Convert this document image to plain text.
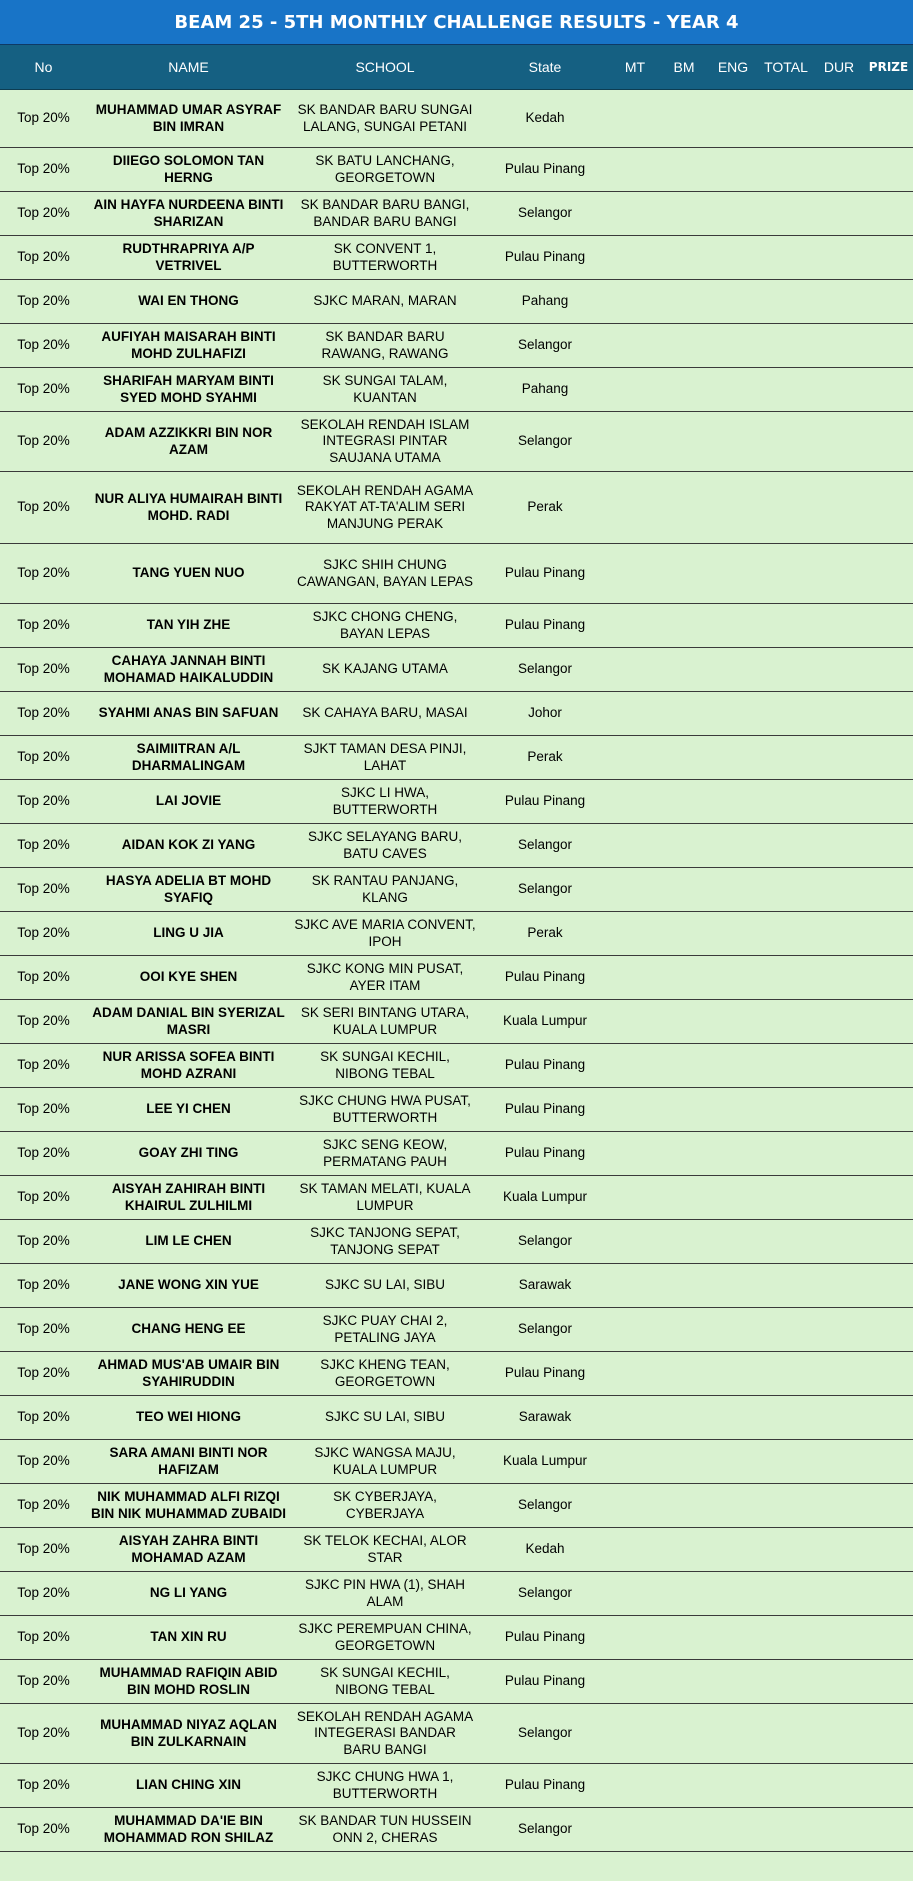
BEAM 25 - 5TH MONTHLY CHALLENGE RESULTS - YEAR 4
No	NAME	SCHOOL	State	MT	BM	ENG	TOTAL	DUR	PRIZE

Top 20%	MUHAMMAD UMAR ASYRAF BIN IMRAN	SK BANDAR BARU SUNGAI LALANG, SUNGAI PETANI	Kedah						

Top 20%	DIIEGO SOLOMON TAN HERNG	SK BATU LANCHANG, GEORGETOWN	Pulau Pinang						

Top 20%	AIN HAYFA NURDEENA BINTI SHARIZAN	SK BANDAR BARU BANGI, BANDAR BARU BANGI	Selangor						

Top 20%	RUDTHRAPRIYA A/P VETRIVEL	SK CONVENT 1, BUTTERWORTH	Pulau Pinang						

Top 20%	WAI EN THONG	SJKC MARAN, MARAN	Pahang						

Top 20%	AUFIYAH MAISARAH BINTI MOHD ZULHAFIZI	SK BANDAR BARU RAWANG, RAWANG	Selangor						

Top 20%	SHARIFAH MARYAM BINTI SYED MOHD SYAHMI	SK SUNGAI TALAM, KUANTAN	Pahang						

Top 20%	ADAM AZZIKKRI BIN NOR AZAM	SEKOLAH RENDAH ISLAM INTEGRASI PINTAR SAUJANA UTAMA	Selangor						

Top 20%	NUR ALIYA HUMAIRAH BINTI MOHD. RADI	SEKOLAH RENDAH AGAMA RAKYAT AT-TA'ALIM SERI MANJUNG PERAK	Perak						

Top 20%	TANG YUEN NUO	SJKC SHIH CHUNG CAWANGAN, BAYAN LEPAS	Pulau Pinang						

Top 20%	TAN YIH ZHE	SJKC CHONG CHENG, BAYAN LEPAS	Pulau Pinang						

Top 20%	CAHAYA JANNAH BINTI MOHAMAD HAIKALUDDIN	SK KAJANG UTAMA	Selangor						

Top 20%	SYAHMI ANAS BIN SAFUAN	SK CAHAYA BARU, MASAI	Johor						

Top 20%	SAIMIITRAN A/L DHARMALINGAM	SJKT TAMAN DESA PINJI, LAHAT	Perak						

Top 20%	LAI JOVIE	SJKC LI HWA, BUTTERWORTH	Pulau Pinang						

Top 20%	AIDAN KOK ZI YANG	SJKC SELAYANG BARU, BATU CAVES	Selangor						

Top 20%	HASYA ADELIA BT MOHD SYAFIQ	SK RANTAU PANJANG, KLANG	Selangor						

Top 20%	LING U JIA	SJKC AVE MARIA CONVENT, IPOH	Perak						

Top 20%	OOI KYE SHEN	SJKC KONG MIN PUSAT, AYER ITAM	Pulau Pinang						

Top 20%	ADAM DANIAL BIN SYERIZAL MASRI	SK SERI BINTANG UTARA, KUALA LUMPUR	Kuala Lumpur						

Top 20%	NUR ARISSA SOFEA BINTI MOHD AZRANI	SK SUNGAI KECHIL, NIBONG TEBAL	Pulau Pinang						

Top 20%	LEE YI CHEN	SJKC CHUNG HWA PUSAT, BUTTERWORTH	Pulau Pinang						

Top 20%	GOAY ZHI TING	SJKC SENG KEOW, PERMATANG PAUH	Pulau Pinang						

Top 20%	AISYAH ZAHIRAH BINTI KHAIRUL ZULHILMI	SK TAMAN MELATI, KUALA LUMPUR	Kuala Lumpur						

Top 20%	LIM LE CHEN	SJKC TANJONG SEPAT, TANJONG SEPAT	Selangor						

Top 20%	JANE WONG XIN YUE	SJKC SU LAI, SIBU	Sarawak						

Top 20%	CHANG HENG EE	SJKC PUAY CHAI 2, PETALING JAYA	Selangor						

Top 20%	AHMAD MUS'AB UMAIR BIN SYAHIRUDDIN	SJKC KHENG TEAN, GEORGETOWN	Pulau Pinang						

Top 20%	TEO WEI HIONG	SJKC SU LAI, SIBU	Sarawak						

Top 20%	SARA AMANI BINTI NOR HAFIZAM	SJKC WANGSA MAJU, KUALA LUMPUR	Kuala Lumpur						

Top 20%	NIK MUHAMMAD ALFI RIZQI BIN NIK MUHAMMAD ZUBAIDI	SK CYBERJAYA, CYBERJAYA	Selangor						

Top 20%	AISYAH ZAHRA BINTI MOHAMAD AZAM	SK TELOK KECHAI, ALOR STAR	Kedah						

Top 20%	NG LI YANG	SJKC PIN HWA (1), SHAH ALAM	Selangor						

Top 20%	TAN XIN RU	SJKC PEREMPUAN CHINA, GEORGETOWN	Pulau Pinang						

Top 20%	MUHAMMAD RAFIQIN ABID BIN MOHD ROSLIN	SK SUNGAI KECHIL, NIBONG TEBAL	Pulau Pinang						

Top 20%	MUHAMMAD NIYAZ AQLAN BIN ZULKARNAIN	SEKOLAH RENDAH AGAMA INTEGERASI BANDAR BARU BANGI	Selangor						

Top 20%	LIAN CHING XIN	SJKC CHUNG HWA 1, BUTTERWORTH	Pulau Pinang						

Top 20%	MUHAMMAD DA'IE BIN MOHAMMAD RON SHILAZ	SK BANDAR TUN HUSSEIN ONN 2, CHERAS	Selangor						
